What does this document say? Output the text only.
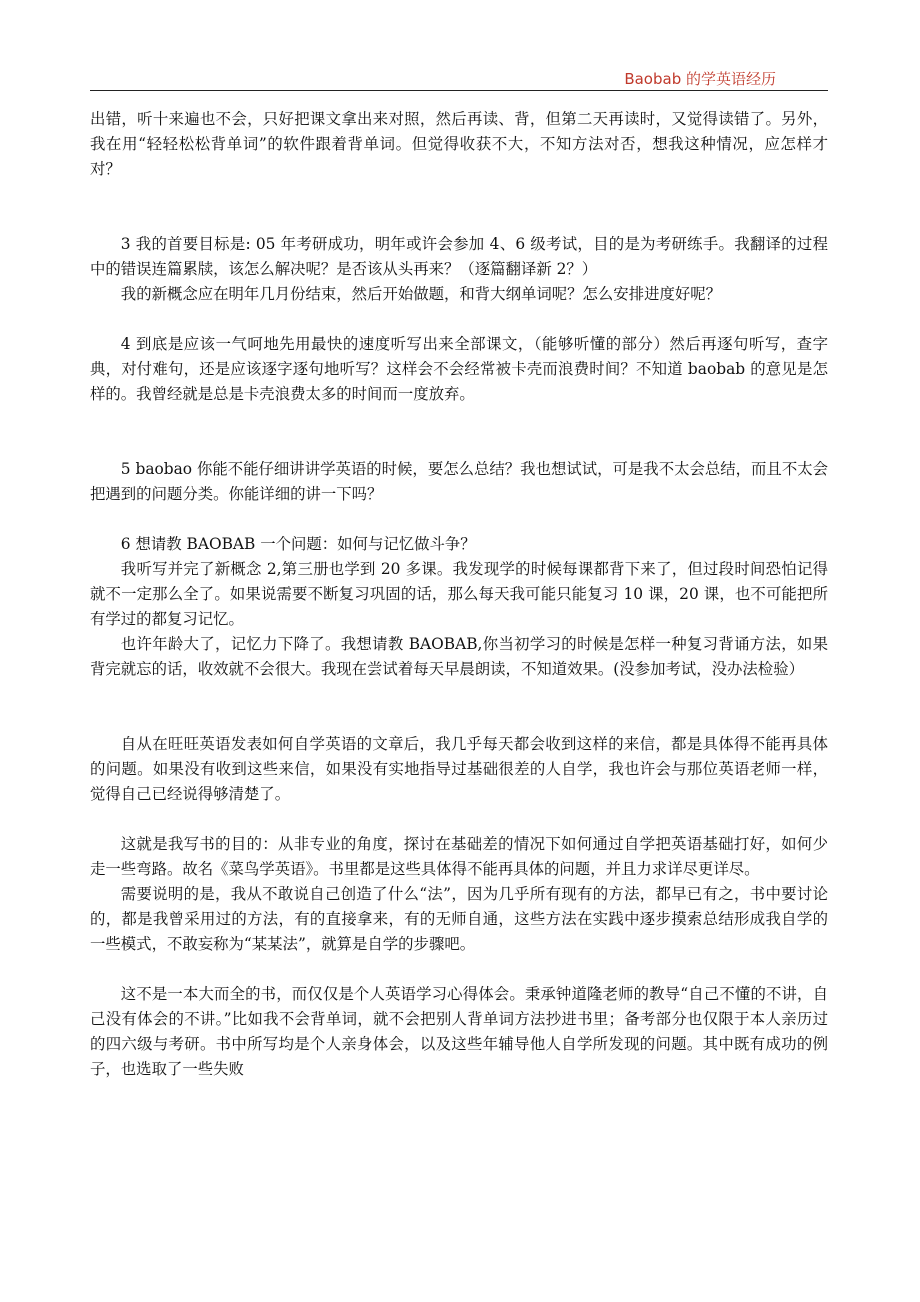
Baobab 的学英语经历

出错，听十来遍也不会，只好把课文拿出来对照，然后再读、背，但第二天再读时，又觉得读错了。另外，我在用“轻轻松松背单词”的软件跟着背单词。但觉得收获不大，不知方法对否，想我这种情况，应怎样才对？

3 我的首要目标是: 05 年考研成功，明年或许会参加 4、6 级考试，目的是为考研练手。我翻译的过程中的错误连篇累牍，该怎么解决呢？是否该从头再来？（逐篇翻译新 2？）

我的新概念应在明年几月份结束，然后开始做题，和背大纲单词呢？怎么安排进度好呢？

4 到底是应该一气呵地先用最快的速度听写出来全部课文，（能够听懂的部分）然后再逐句听写，查字典，对付难句，还是应该逐字逐句地听写？这样会不会经常被卡壳而浪费时间？不知道 baobab 的意见是怎样的。我曾经就是总是卡壳浪费太多的时间而一度放弃。

5 baobao 你能不能仔细讲讲学英语的时候，要怎么总结？我也想试试，可是我不太会总结，而且不太会把遇到的问题分类。你能详细的讲一下吗？

6 想请教 BAOBAB 一个问题：如何与记忆做斗争？

我听写并完了新概念 2,第三册也学到 20 多课。我发现学的时候每课都背下来了，但过段时间恐怕记得就不一定那么全了。如果说需要不断复习巩固的话，那么每天我可能只能复习 10 课，20 课，也不可能把所有学过的都复习记忆。

也许年龄大了，记忆力下降了。我想请教 BAOBAB,你当初学习的时候是怎样一种复习背诵方法，如果背完就忘的话，收效就不会很大。我现在尝试着每天早晨朗读，不知道效果。(没参加考试，没办法检验）

自从在旺旺英语发表如何自学英语的文章后，我几乎每天都会收到这样的来信，都是具体得不能再具体的问题。如果没有收到这些来信，如果没有实地指导过基础很差的人自学，我也许会与那位英语老师一样，觉得自己已经说得够清楚了。

这就是我写书的目的：从非专业的角度，探讨在基础差的情况下如何通过自学把英语基础打好，如何少走一些弯路。故名《菜鸟学英语》。书里都是这些具体得不能再具体的问题，并且力求详尽更详尽。

需要说明的是，我从不敢说自己创造了什么“法”，因为几乎所有现有的方法，都早已有之，书中要讨论的，都是我曾采用过的方法，有的直接拿来，有的无师自通，这些方法在实践中逐步摸索总结形成我自学的一些模式，不敢妄称为“某某法”，就算是自学的步骤吧。

这不是一本大而全的书，而仅仅是个人英语学习心得体会。秉承钟道隆老师的教导“自己不懂的不讲，自己没有体会的不讲。”比如我不会背单词，就不会把别人背单词方法抄进书里；备考部分也仅限于本人亲历过的四六级与考研。书中所写均是个人亲身体会，以及这些年辅导他人自学所发现的问题。其中既有成功的例子，也选取了一些失败
